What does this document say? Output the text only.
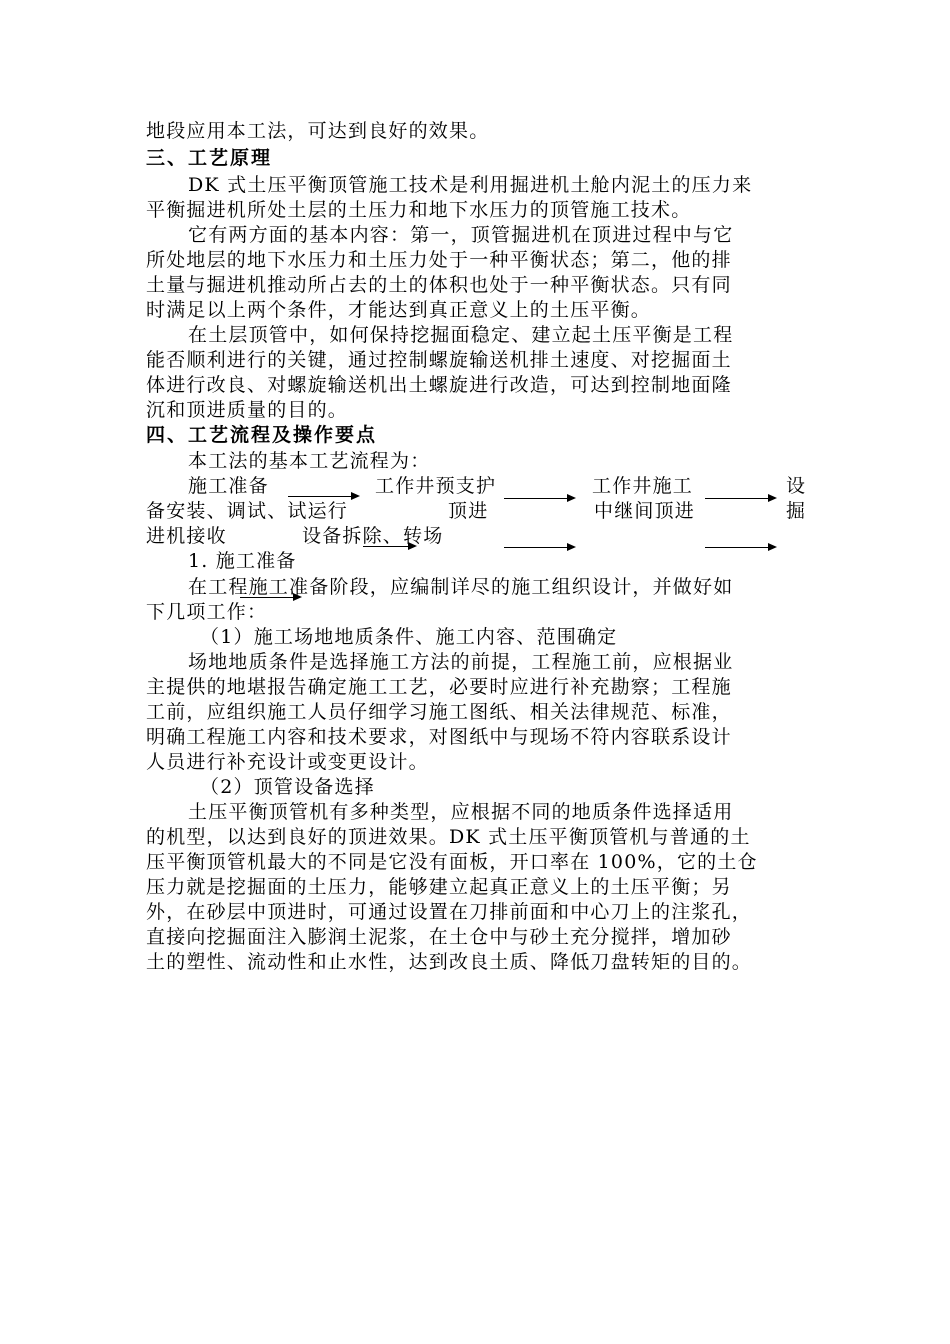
地段应用本工法，可达到良好的效果。
三、工艺原理
DK 式土压平衡顶管施工技术是利用掘进机土舱内泥土的压力来
平衡掘进机所处土层的土压力和地下水压力的顶管施工技术。
它有两方面的基本内容：第一，顶管掘进机在顶进过程中与它
所处地层的地下水压力和土压力处于一种平衡状态；第二，他的排
土量与掘进机推动所占去的土的体积也处于一种平衡状态。只有同
时满足以上两个条件，才能达到真正意义上的土压平衡。
在土层顶管中，如何保持挖掘面稳定、建立起土压平衡是工程
能否顺利进行的关键，通过控制螺旋输送机排土速度、对挖掘面土
体进行改良、对螺旋输送机出土螺旋进行改造，可达到控制地面隆
沉和顶进质量的目的。
四、工艺流程及操作要点
本工法的基本工艺流程为：
施工准备	工作井预支护	工作井施工	设
备安装、调试、试运行	顶进	中继间顶进	掘
进机接收	设备拆除、转场
1. 施工准备
在工程施工准备阶段，应编制详尽的施工组织设计，并做好如
下几项工作：
（1）施工场地地质条件、施工内容、范围确定
场地地质条件是选择施工方法的前提，工程施工前，应根据业
主提供的地堪报告确定施工工艺，必要时应进行补充勘察；工程施
工前，应组织施工人员仔细学习施工图纸、相关法律规范、标准，
明确工程施工内容和技术要求，对图纸中与现场不符内容联系设计
人员进行补充设计或变更设计。
（2）顶管设备选择
土压平衡顶管机有多种类型，应根据不同的地质条件选择适用
的机型，以达到良好的顶进效果。DK 式土压平衡顶管机与普通的土
压平衡顶管机最大的不同是它没有面板，开口率在 100%，它的土仓
压力就是挖掘面的土压力，能够建立起真正意义上的土压平衡；另
外，在砂层中顶进时，可通过设置在刀排前面和中心刀上的注浆孔，
直接向挖掘面注入膨润土泥浆，在土仓中与砂土充分搅拌，增加砂
土的塑性、流动性和止水性，达到改良土质、降低刀盘转矩的目的。
